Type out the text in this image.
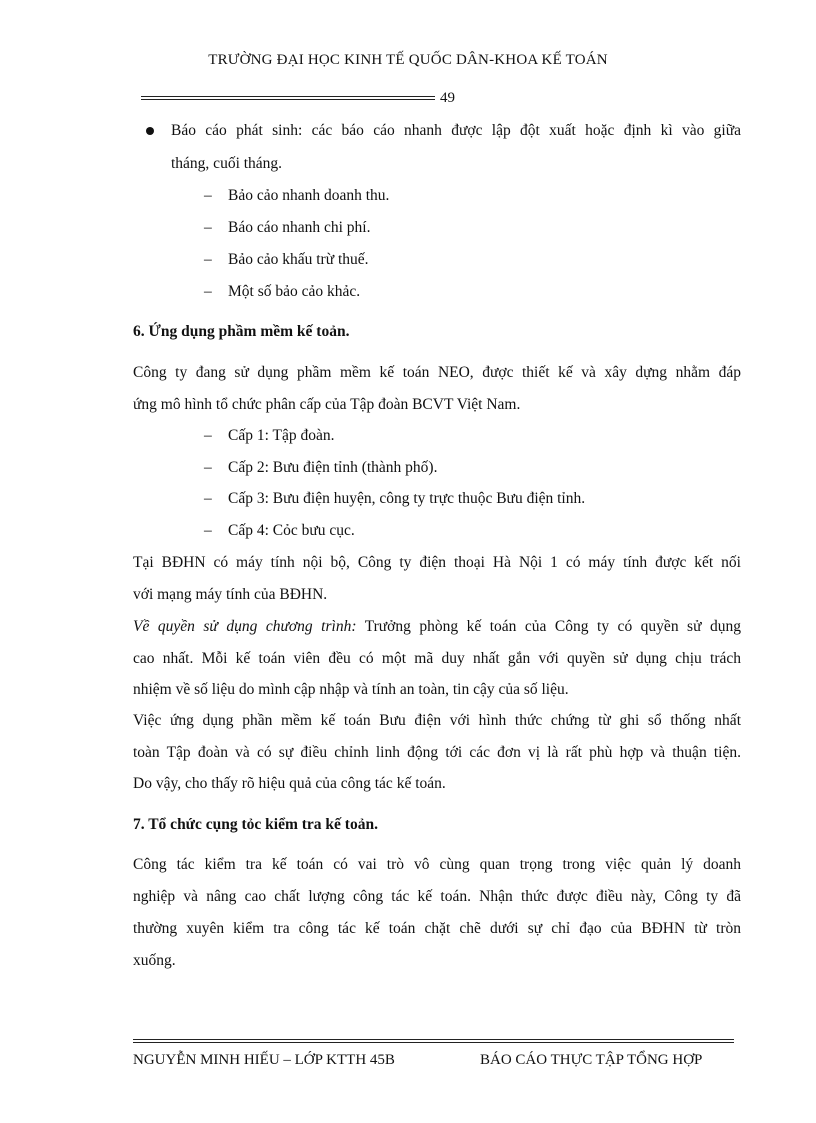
TRƯỜNG ĐẠI HỌC KINH TẾ QUỐC DÂN-KHOA KẾ TOÁN
49
Báo cáo phát sinh: các báo cáo nhanh được lập đột xuất hoặc định kì vào giữa
tháng, cuối tháng.
– Bảo cảo nhanh doanh thu.
– Báo cáo nhanh chi phí.
– Bảo cảo khấu trừ thuế.
– Một số bảo cảo khảc.
6. Ứng dụng phầm mềm kế toản.
Công ty đang sử dụng phầm mềm kế toán NEO, được thiết kế và xây dựng nhằm đáp
ứng mô hình tổ chức phân cấp của Tập đoàn BCVT Việt Nam.
– Cấp 1: Tập đoàn.
– Cấp 2: Bưu điện tỉnh (thành phố).
– Cấp 3: Bưu điện huyện, công ty trực thuộc Bưu điện tỉnh.
– Cấp 4: Cỏc bưu cục.
Tại BĐHN có máy tính nội bộ, Công ty điện thoại Hà Nội 1 có máy tính được kết nối
với mạng máy tính của BĐHN.
Về quyền sử dụng chương trình: Trưởng phòng kế toán của Công ty có quyền sử dụng
cao nhất. Mỗi kế toán viên đều có một mã duy nhất gắn với quyền sử dụng chịu trách
nhiệm về số liệu do mình cập nhập và tính an toàn, tin cậy của số liệu.
Việc ứng dụng phần mềm kế toán Bưu điện với hình thức chứng từ ghi sổ thống nhất
toàn Tập đoàn và có sự điều chỉnh linh động tới các đơn vị là rất phù hợp và thuận tiện.
Do vậy, cho thấy rõ hiệu quả của công tác kế toán.
7. Tổ chức cụng tỏc kiểm tra kế toản.
Công tác kiểm tra kế toán có vai trò vô cùng quan trọng trong việc quản lý doanh
nghiệp và nâng cao chất lượng công tác kế toán. Nhận thức được điều này, Công ty đã
thường xuyên kiểm tra công tác kế toán chặt chẽ dưới sự chỉ đạo của BĐHN từ tròn
xuống.
NGUYỄN MINH HIẾU – LỚP KTTH 45B	BÁO CÁO THỰC TẬP TỔNG HỢP
